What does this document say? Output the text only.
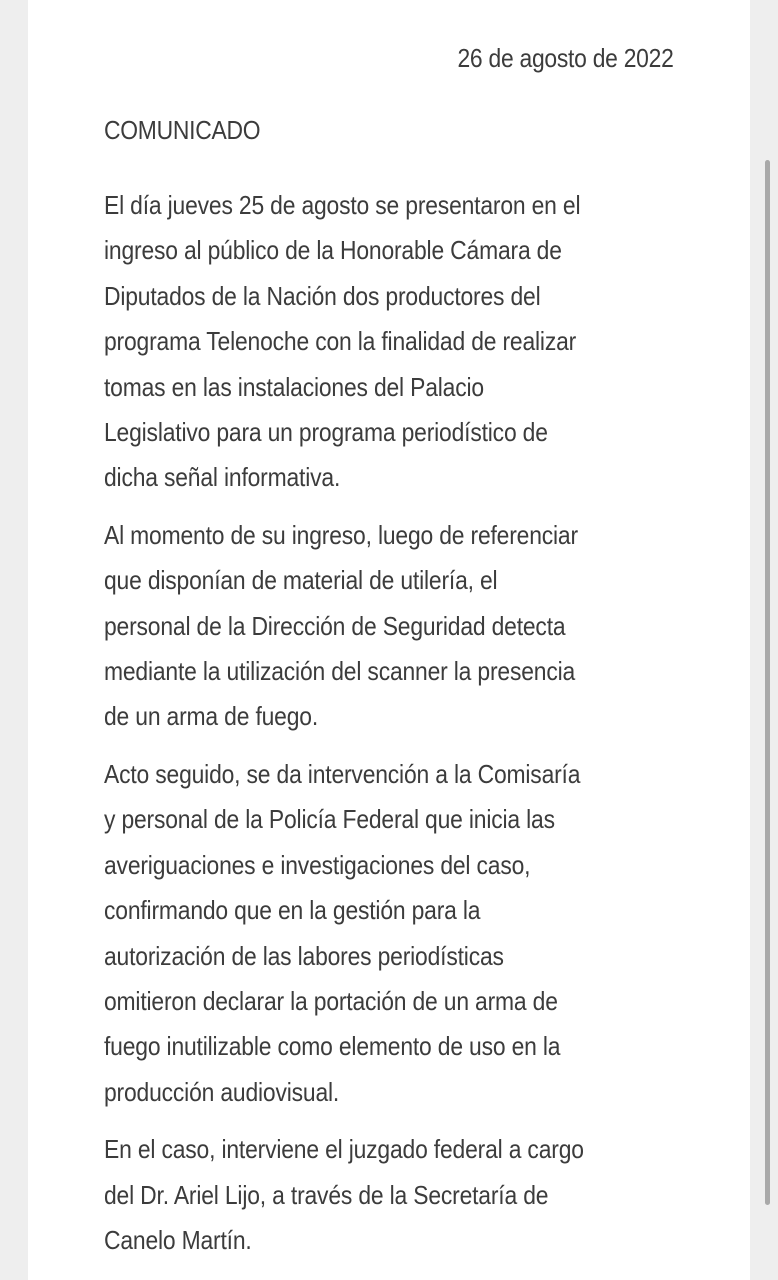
26 de agosto de 2022
COMUNICADO

El día jueves 25 de agosto se presentaron en el
ingreso al público de la Honorable Cámara de
Diputados de la Nación dos productores del
programa Telenoche con la finalidad de realizar
tomas en las instalaciones del Palacio
Legislativo para un programa periodístico de
dicha señal informativa.

Al momento de su ingreso, luego de referenciar
que disponían de material de utilería, el
personal de la Dirección de Seguridad detecta
mediante la utilización del scanner la presencia
de un arma de fuego.

Acto seguido, se da intervención a la Comisaría
y personal de la Policía Federal que inicia las
averiguaciones e investigaciones del caso,
confirmando que en la gestión para la
autorización de las labores periodísticas
omitieron declarar la portación de un arma de
fuego inutilizable como elemento de uso en la
producción audiovisual.

En el caso, interviene el juzgado federal a cargo
del Dr. Ariel Lijo, a través de la Secretaría de
Canelo Martín.
